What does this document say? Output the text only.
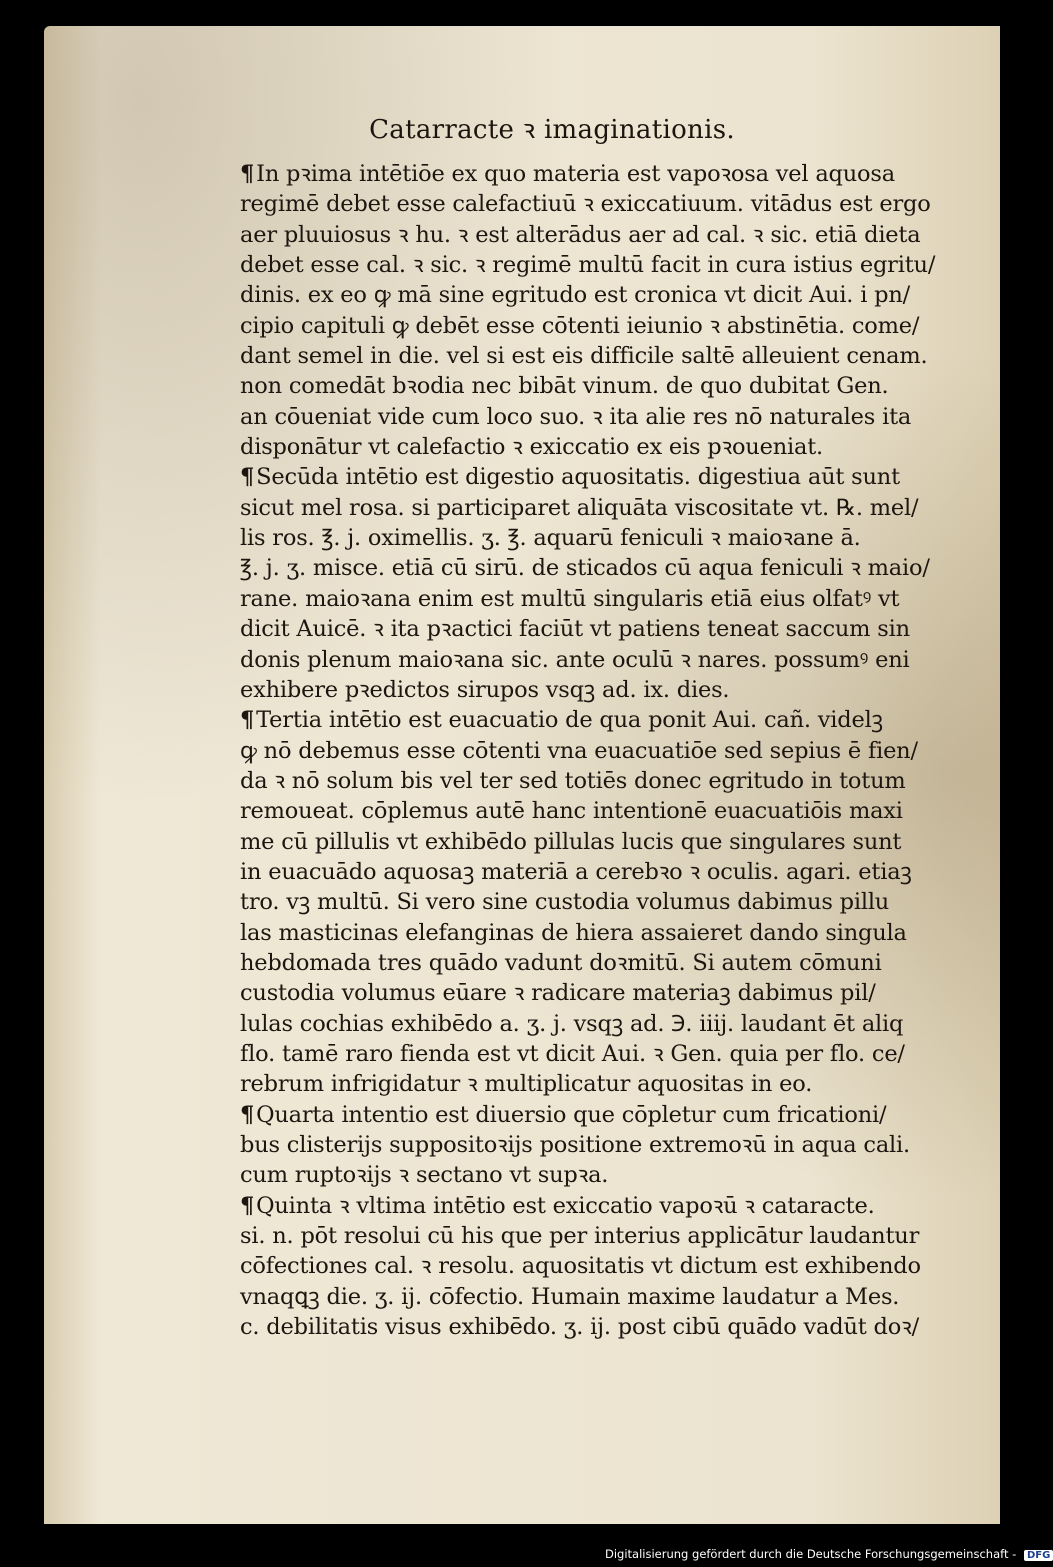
Catarracte ꝛ imaginationis.
¶In pꝛima intētiōe ex quo materia est vapoꝛosa vel aquosa
regimē debet esse calefactiuū ꝛ exiccatiuum. vitādus est ergo
aer pluuiosus ꝛ hu. ꝛ est alterādus aer ad cal. ꝛ sic. etiā dieta
debet esse cal. ꝛ sic. ꝛ regimē multū facit in cura istius egritu/
dinis. ex eo ꝙ mā sine egritudo est cronica vt dicit Aui. i pn/
cipio capituli ꝙ debēt esse cōtenti ieiunio ꝛ abstinētia. come/
dant semel in die. vel si est eis difficile saltē alleuient cenam.
non comedāt bꝛodia nec bibāt vinum. de quo dubitat Gen.
an cōueniat vide cum loco suo. ꝛ ita alie res nō naturales ita
disponātur vt calefactio ꝛ exiccatio ex eis pꝛoueniat.
¶Secūda intētio est digestio aquositatis. digestiua aūt sunt
sicut mel rosa. si participaret aliquāta viscositate vt. ℞. mel/
lis ros. ℥. j. oximellis. ʒ. ℥. aquarū feniculi ꝛ maioꝛane ā.
℥. j. ʒ. misce. etiā cū sirū. de sticados cū aqua feniculi ꝛ maio/
rane. maioꝛana enim est multū singularis etiā eius olfatꝰ vt
dicit Auicē. ꝛ ita pꝛactici faciūt vt patiens teneat saccum sin
donis plenum maioꝛana sic. ante oculū ꝛ nares. possumꝰ eni
exhibere pꝛedictos sirupos vsqꝫ ad. ix. dies.
¶Tertia intētio est euacuatio de qua ponit Aui. cañ. videlꝫ
ꝙ nō debemus esse cōtenti vna euacuatiōe sed sepius ē fien/
da ꝛ nō solum bis vel ter sed totiēs donec egritudo in totum
remoueat. cōplemus autē hanc intentionē euacuatiōis maxi
me cū pillulis vt exhibēdo pillulas lucis que singulares sunt
in euacuādo aquosaꝫ materiā a cerebꝛo ꝛ oculis. agari. etiaꝫ
tro. vꝫ multū. Si vero sine custodia volumus dabimus pillu
las masticinas elefanginas de hiera assaieret dando singula
hebdomada tres quādo vadunt doꝛmitū. Si autem cōmuni
custodia volumus eūare ꝛ radicare materiaꝫ dabimus pil/
lulas cochias exhibēdo a. ʒ. j. vsqꝫ ad. ℈. iiij. laudant ēt aliq
flo. tamē raro fienda est vt dicit Aui. ꝛ Gen. quia per flo. ce/
rebrum infrigidatur ꝛ multiplicatur aquositas in eo.
¶Quarta intentio est diuersio que cōpletur cum fricationi/
bus clisterijs suppositoꝛijs positione extremoꝛū in aqua cali.
cum ruptoꝛijs ꝛ sectano vt supꝛa.
¶Quinta ꝛ vltima intētio est exiccatio vapoꝛū ꝛ cataracte.
si. n. pōt resolui cū his que per interius applicātur laudantur
cōfectiones cal. ꝛ resolu. aquositatis vt dictum est exhibendo
vnaqꝗꝫ die. ʒ. ij. cōfectio. Humain maxime laudatur a Mes.
c. debilitatis visus exhibēdo. ʒ. ij. post cibū quādo vadūt doꝛ/
Digitalisierung gefördert durch die Deutsche Forschungsgemeinschaft - DFG
